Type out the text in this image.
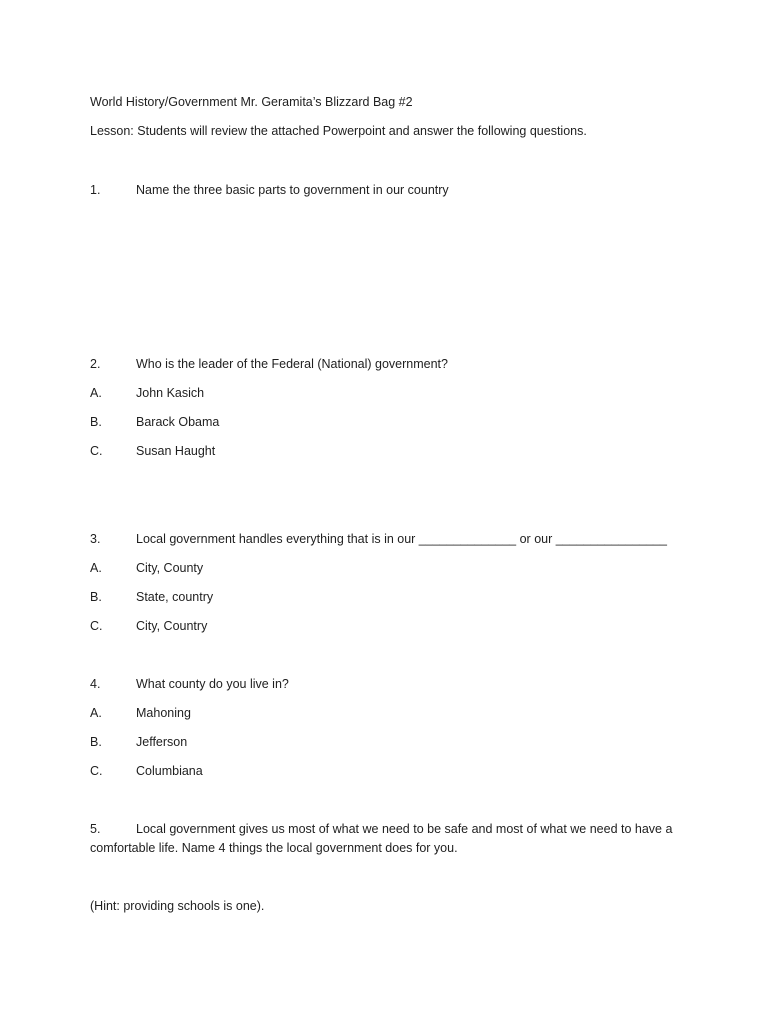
World History/Government Mr. Geramita’s Blizzard Bag #2
Lesson: Students will review the attached Powerpoint and answer the following questions.
1.	Name the three basic parts to government in our country
2.	Who is the leader of the Federal (National) government?
A.	John Kasich
B.	Barack Obama
C.	Susan Haught
3.	Local government handles everything that is in our ______________ or our ________________
A.	City, County
B.	State, country
C.	City, Country
4.	What county do you live in?
A.	Mahoning
B.	Jefferson
C.	Columbiana
5.	Local government gives us most of what we need to be safe and most of what we need to have a comfortable life. Name 4 things the local government does for you.
(Hint: providing schools is one).
